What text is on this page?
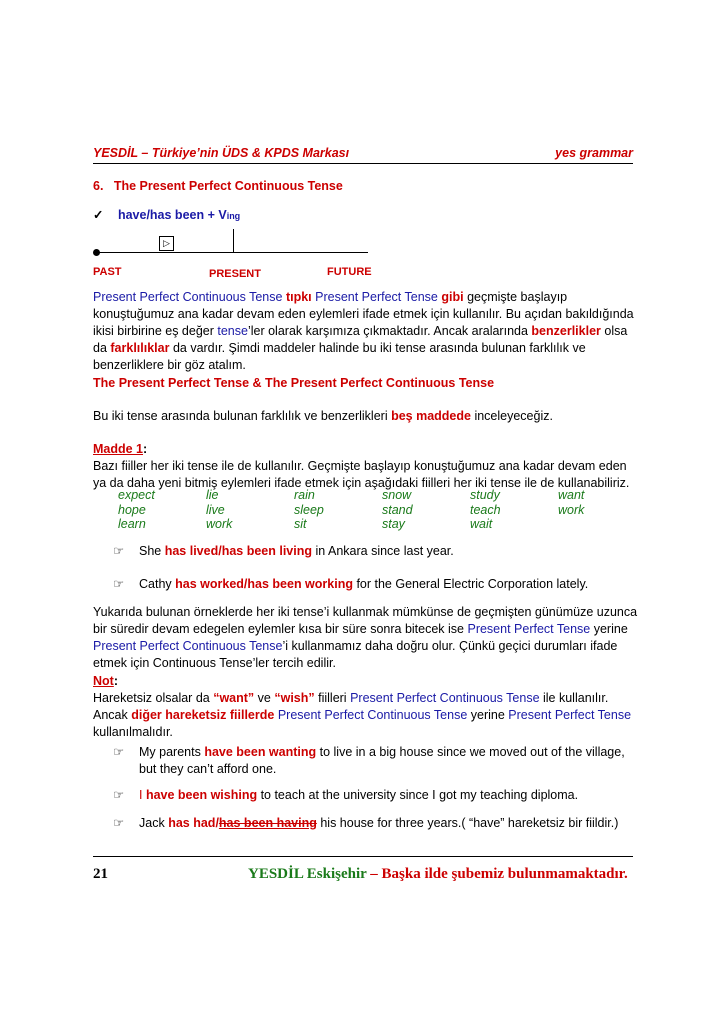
YESDİL – Türkiye’nin ÜDS & KPDS Markası	yes grammar
6. The Present Perfect Continuous Tense
✓ have/has been + Ving
▷
PAST	PRESENT	FUTURE
Present Perfect Continuous Tense tıpkı Present Perfect Tense gibi geçmişte başlayıp konuştuğumuz ana kadar devam eden eylemleri ifade etmek için kullanılır. Bu açıdan bakıldığında ikisi birbirine eş değer tense’ler olarak karşımıza çıkmaktadır. Ancak aralarında benzerlikler olsa da farklılıklar da vardır. Şimdi maddeler halinde bu iki tense arasında bulunan farklılık ve benzerliklere bir göz atalım.
The Present Perfect Tense & The Present Perfect Continuous Tense
Bu iki tense arasında bulunan farklılık ve benzerlikleri beş maddede inceleyeceğiz.
Madde 1:
Bazı fiiller her iki tense ile de kullanılır. Geçmişte başlayıp konuştuğumuz ana kadar devam eden ya da daha yeni bitmiş eylemleri ifade etmek için aşağıdaki fiilleri her iki tense ile de kullanabiliriz.
expect	lie	rain	snow	study	want
hope	live	sleep	stand	teach	work
learn	work	sit	stay	wait
☞	She has lived/has been living in Ankara since last year.
☞	Cathy has worked/has been working for the General Electric Corporation lately.
Yukarıda bulunan örneklerde her iki tense’i kullanmak mümkünse de geçmişten günümüze uzunca bir süredir devam edegelen eylemler kısa bir süre sonra bitecek ise Present Perfect Tense yerine Present Perfect Continuous Tense’i kullanmamız daha doğru olur. Çünkü geçici durumları ifade etmek için Continuous Tense’ler tercih edilir.
Not:
Hareketsiz olsalar da “want” ve “wish” fiilleri Present Perfect Continuous Tense ile kullanılır. Ancak diğer hareketsiz fiillerde Present Perfect Continuous Tense yerine Present Perfect Tense kullanılmalıdır.
☞	My parents have been wanting to live in a big house since we moved out of the village, but they can’t afford one.
☞	I have been wishing to teach at the university since I got my teaching diploma.
☞	Jack has had/has been having his house for three years.( “have” hareketsiz bir fiildir.)
21	YESDİL Eskişehir – Başka ilde şubemiz bulunmamaktadır.
